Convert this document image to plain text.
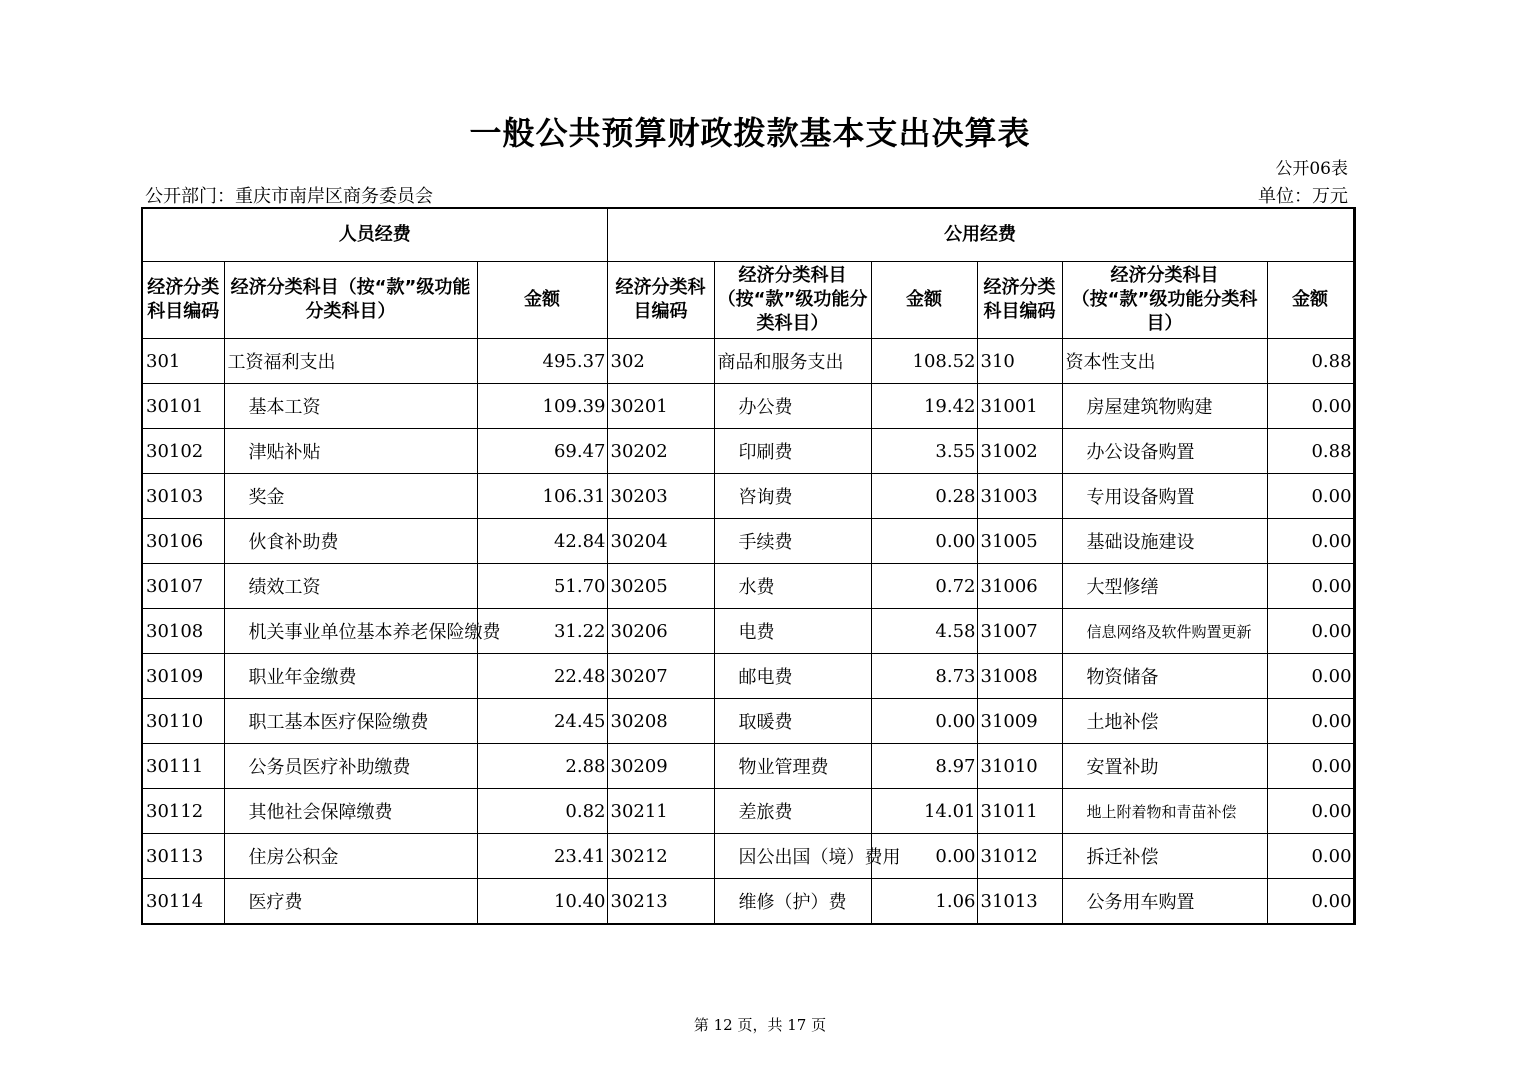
一般公共预算财政拨款基本支出决算表
公开06表
公开部门：重庆市南岸区商务委员会	单位：万元
人员经费			公用经费					
经济分类科目编码	经济分类科目（按“款”级功能分类科目）	金额	经济分类科目编码	经济分类科目（按“款”级功能分类科目）	金额	经济分类科目编码	经济分类科目（按“款”级功能分类科目）	金额
301	工资福利支出	495.37	302	商品和服务支出	108.52	310	资本性支出	0.88
30101	基本工资	109.39	30201	办公费	19.42	31001	房屋建筑物购建	0.00
30102	津贴补贴	69.47	30202	印刷费	3.55	31002	办公设备购置	0.88
30103	奖金	106.31	30203	咨询费	0.28	31003	专用设备购置	0.00
30106	伙食补助费	42.84	30204	手续费	0.00	31005	基础设施建设	0.00
30107	绩效工资	51.70	30205	水费	0.72	31006	大型修缮	0.00
30108	机关事业单位基本养老保险缴费	31.22	30206	电费	4.58	31007	信息网络及软件购置更新	0.00
30109	职业年金缴费	22.48	30207	邮电费	8.73	31008	物资储备	0.00
30110	职工基本医疗保险缴费	24.45	30208	取暖费	0.00	31009	土地补偿	0.00
30111	公务员医疗补助缴费	2.88	30209	物业管理费	8.97	31010	安置补助	0.00
30112	其他社会保障缴费	0.82	30211	差旅费	14.01	31011	地上附着物和青苗补偿	0.00
30113	住房公积金	23.41	30212	因公出国（境）费用	0.00	31012	拆迁补偿	0.00
30114	医疗费	10.40	30213	维修（护）费	1.06	31013	公务用车购置	0.00
第 12 页，共 17 页
